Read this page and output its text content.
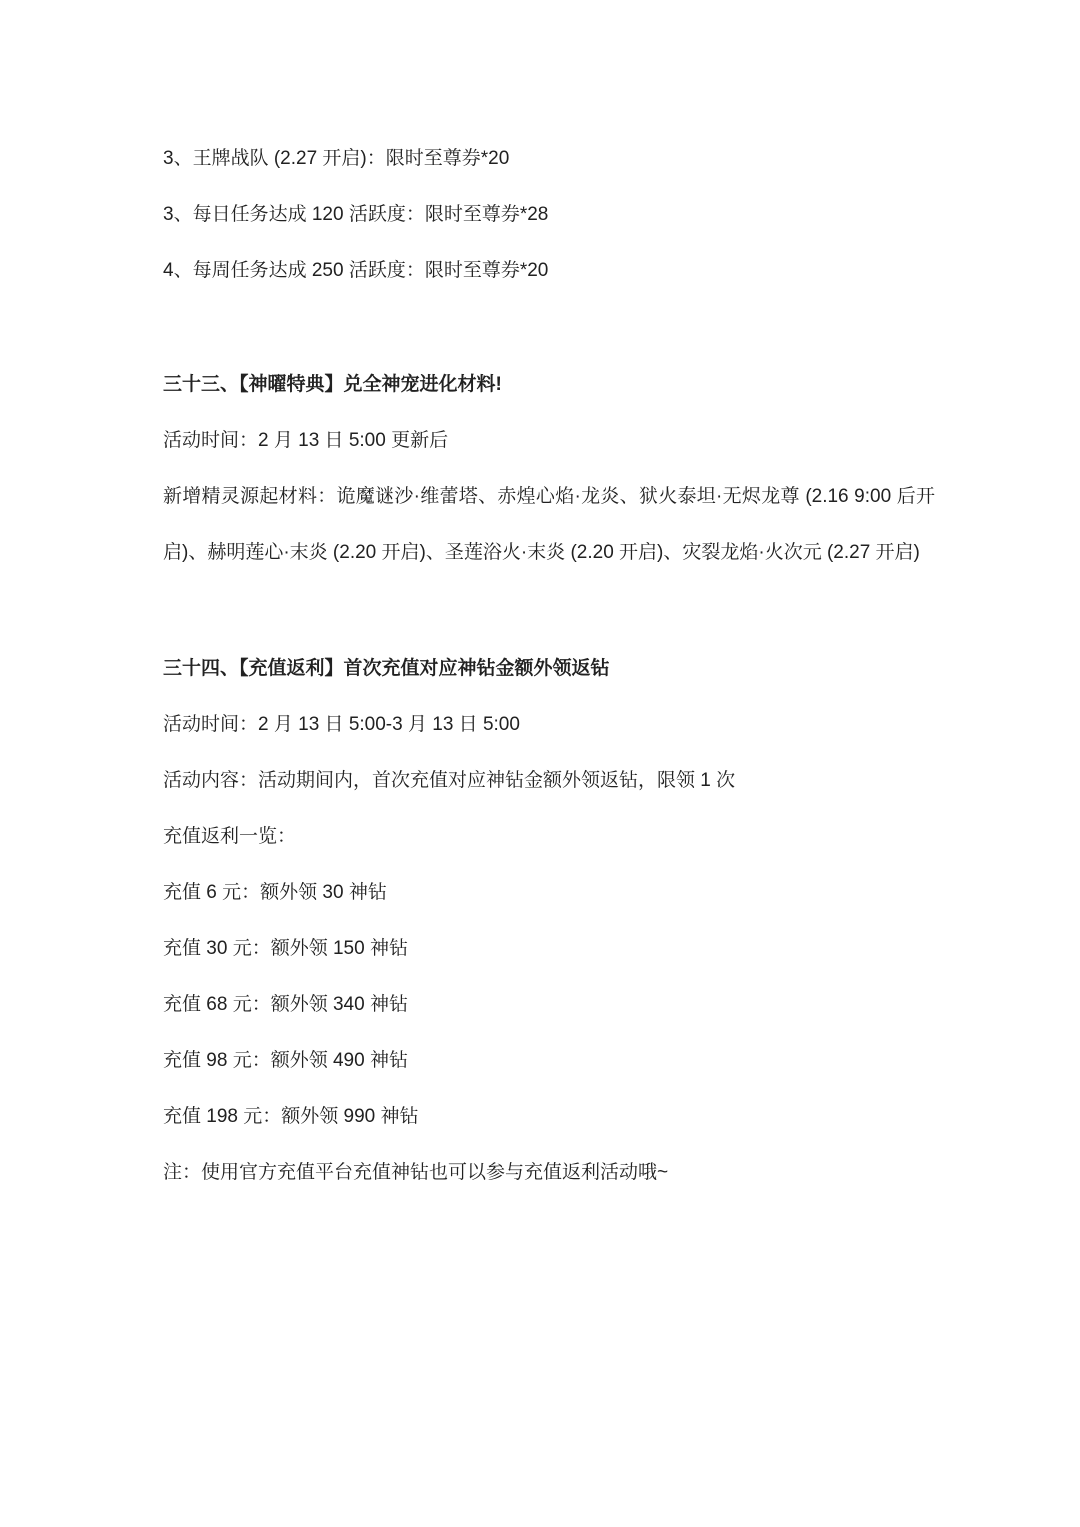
3、王牌战队 (2.27 开启)：限时至尊券*20

3、每日任务达成 120 活跃度：限时至尊券*28

4、每周任务达成 250 活跃度：限时至尊券*20

三十三、【神曜特典】兑全神宠进化材料!

活动时间：2 月 13 日 5:00 更新后

新增精灵源起材料：诡魔谜沙·维蕾塔、赤煌心焰·龙炎、狱火泰坦·无烬龙尊 (2.16 9:00 后开启)、赫明莲心·末炎 (2.20 开启)、圣莲浴火·末炎 (2.20 开启)、灾裂龙焰·火次元 (2.27 开启)

三十四、【充值返利】首次充值对应神钻金额外领返钻

活动时间：2 月 13 日 5:00-3 月 13 日 5:00

活动内容：活动期间内，首次充值对应神钻金额外领返钻，限领 1 次

充值返利一览：

充值 6 元：额外领 30 神钻

充值 30 元：额外领 150 神钻

充值 68 元：额外领 340 神钻

充值 98 元：额外领 490 神钻

充值 198 元：额外领 990 神钻

注：使用官方充值平台充值神钻也可以参与充值返利活动哦~
